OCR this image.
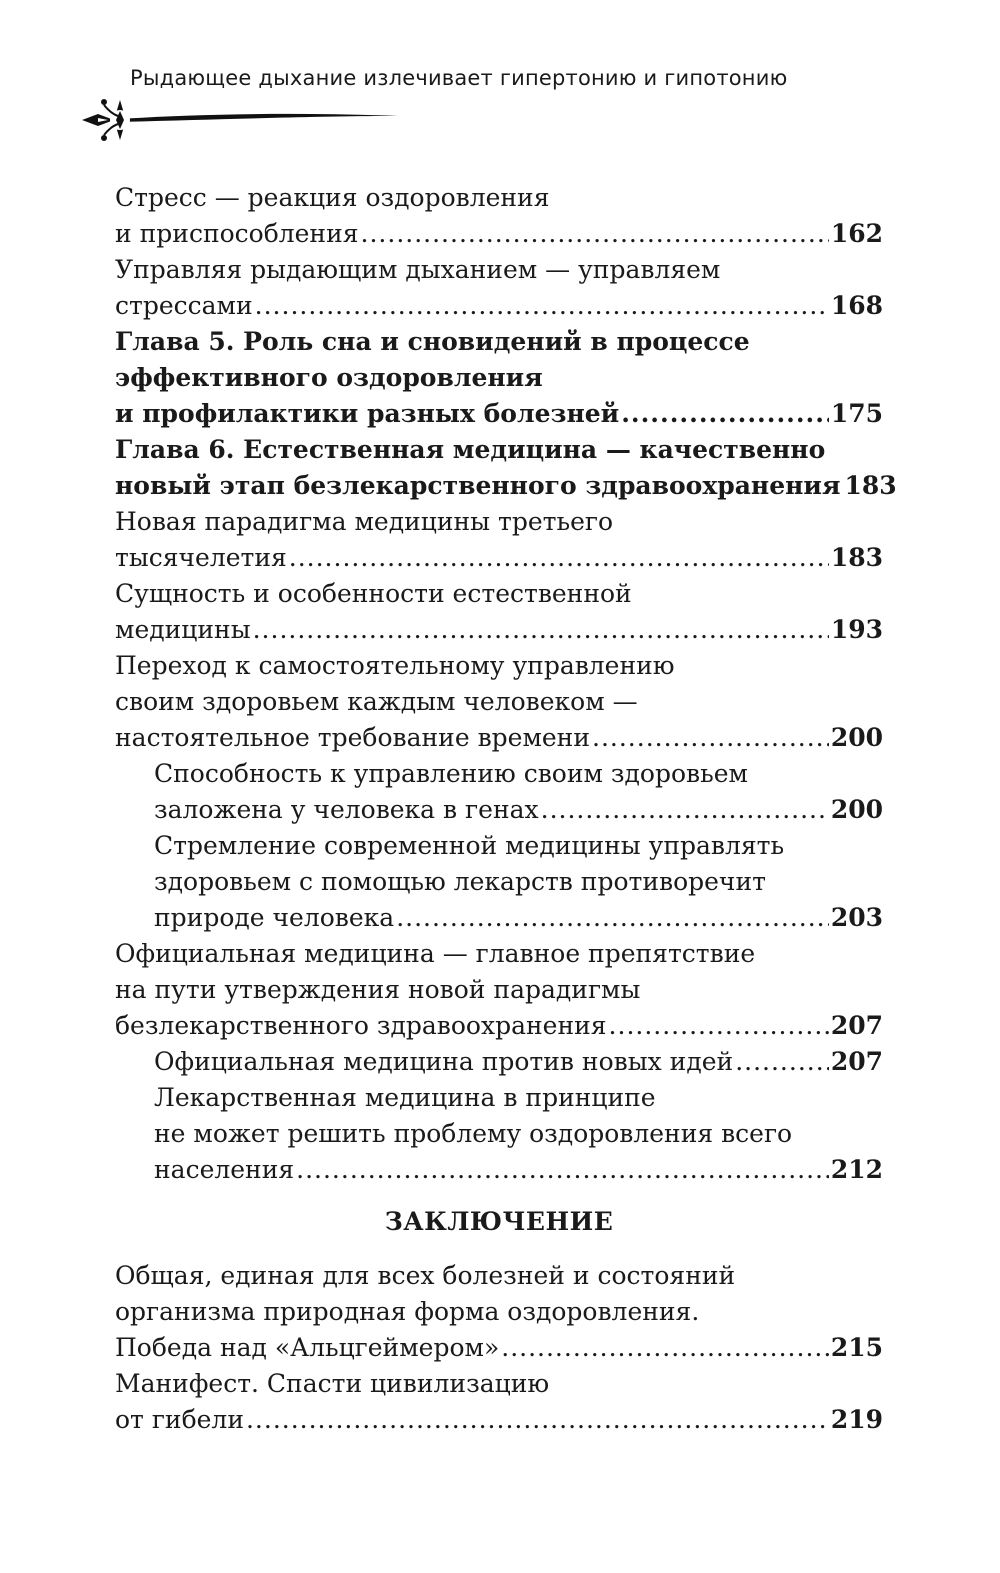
Рыдающее дыхание излечивает гипертонию и гипотонию
Стресс — реакция оздоровления
и приспособления .....	162
Управляя рыдающим дыханием — управляем
стрессами .....	168
Глава 5. Роль сна и сновидений в процессе
эффективного оздоровления
и профилактики разных болезней .....	175
Глава 6. Естественная медицина — качественно
новый этап безлекарственного здравоохранения 183
Новая парадигма медицины третьего
тысячелетия .....	183
Сущность и особенности естественной
медицины .....	193
Переход к самостоятельному управлению
своим здоровьем каждым человеком —
настоятельное требование времени .....	200
Способность к управлению своим здоровьем
заложена у человека в генах .....	200
Стремление современной медицины управлять
здоровьем с помощью лекарств противоречит
природе человека .....	203
Официальная медицина — главное препятствие
на пути утверждения новой парадигмы
безлекарственного здравоохранения .....	207
Официальная медицина против новых идей .....	207
Лекарственная медицина в принципе
не может решить проблему оздоровления всего
населения .....	212
ЗАКЛЮЧЕНИЕ
Общая, единая для всех болезней и состояний
организма природная форма оздоровления.
Победа над «Альцгеймером» .....	215
Манифест. Спасти цивилизацию
от гибели .....	219
